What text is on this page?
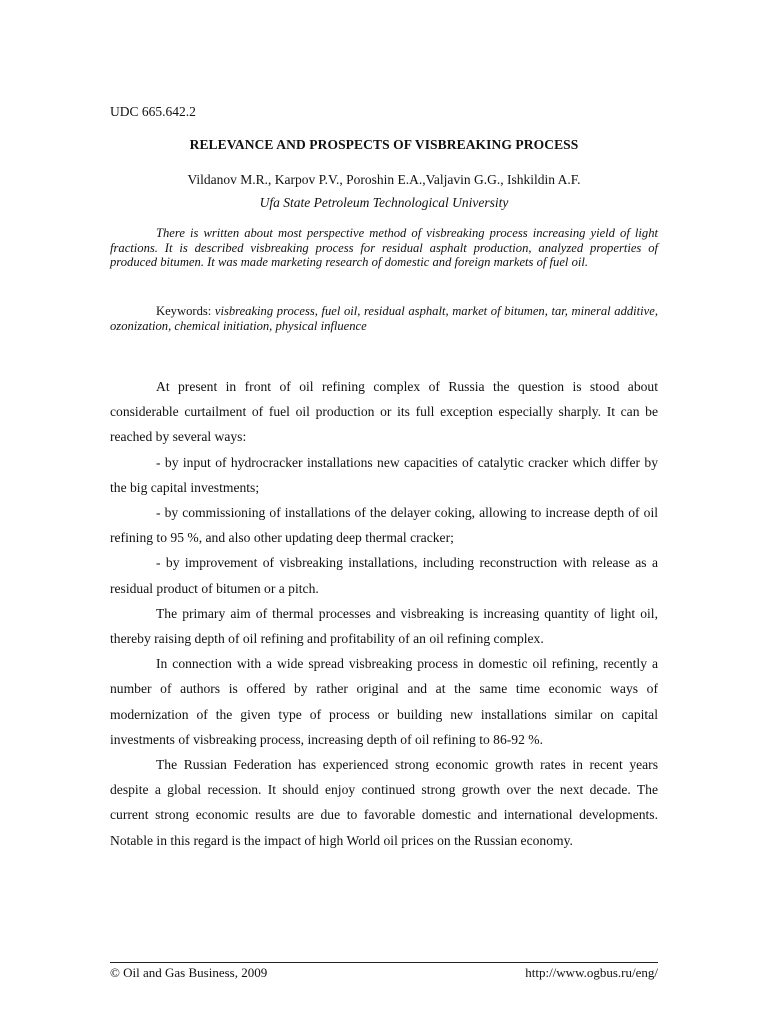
UDC 665.642.2
RELEVANCE AND PROSPECTS OF VISBREAKING PROCESS
Vildanov M.R., Karpov P.V., Poroshin E.A.,Valjavin G.G., Ishkildin A.F.
Ufa State Petroleum Technological University

There is written about most perspective method of visbreaking process increasing yield of light fractions. It is described visbreaking process for residual asphalt production, analyzed properties of produced bitumen. It was made marketing research of domestic and foreign markets of fuel oil.

Keywords: visbreaking process, fuel oil, residual asphalt, market of bitumen, tar, mineral additive, ozonization, chemical initiation, physical influence

At present in front of oil refining complex of Russia the question is stood about considerable curtailment of fuel oil production or its full exception especially sharply. It can be reached by several ways:

- by input of hydrocracker installations new capacities of catalytic cracker which differ by the big capital investments;

- by commissioning of installations of the delayer coking, allowing to increase depth of oil refining to 95 %, and also other updating deep thermal cracker;

- by improvement of visbreaking installations, including reconstruction with release as a residual product of bitumen or a pitch.

The primary aim of thermal processes and visbreaking is increasing quantity of light oil, thereby raising depth of oil refining and profitability of an oil refining complex.

In connection with a wide spread visbreaking process in domestic oil refining, recently a number of authors is offered by rather original and at the same time economic ways of modernization of the given type of process or building new installations similar on capital investments of visbreaking process, increasing depth of oil refining to 86-92 %.

The Russian Federation has experienced strong economic growth rates in recent years despite a global recession. It should enjoy continued strong growth over the next decade. The current strong economic results are due to favorable domestic and international developments. Notable in this regard is the impact of high World oil prices on the Russian economy.

© Oil and Gas Business, 2009	http://www.ogbus.ru/eng/
